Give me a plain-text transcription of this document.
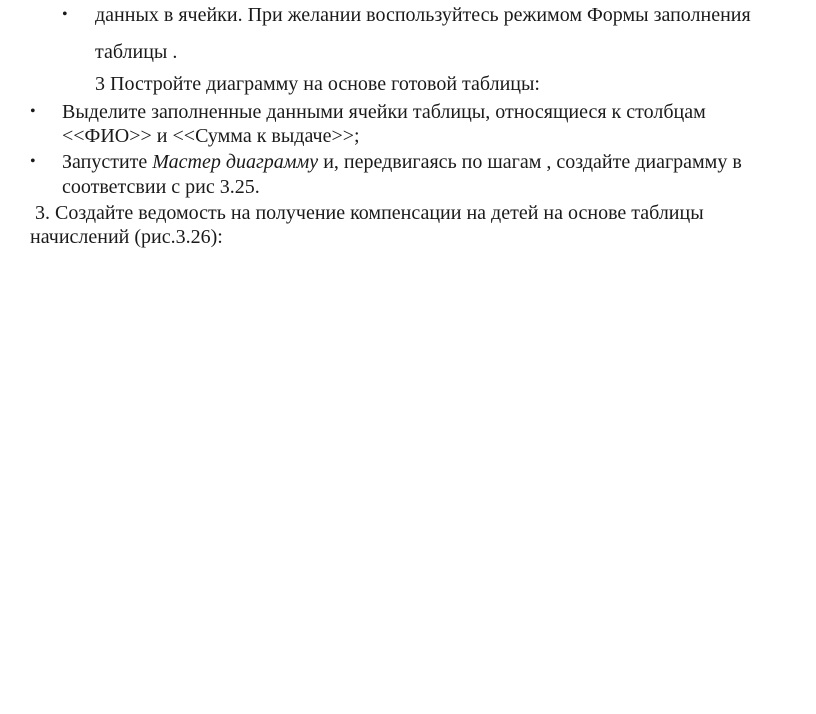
• данных в ячейки. При желании воспользуйтесь режимом Формы заполнения
таблицы .
3 Постройте диаграмму на основе готовой таблицы:
• Выделите заполненные данными ячейки таблицы, относящиеся к столбцам
<<ФИО>> и <<Сумма к выдаче>>;
• Запустите Мастер диаграмму и, передвигаясь по шагам , создайте диаграмму в
соответсвии с рис 3.25.
3. Создайте ведомость на получение компенсации на детей на основе таблицы
начислений (рис.3.26):
